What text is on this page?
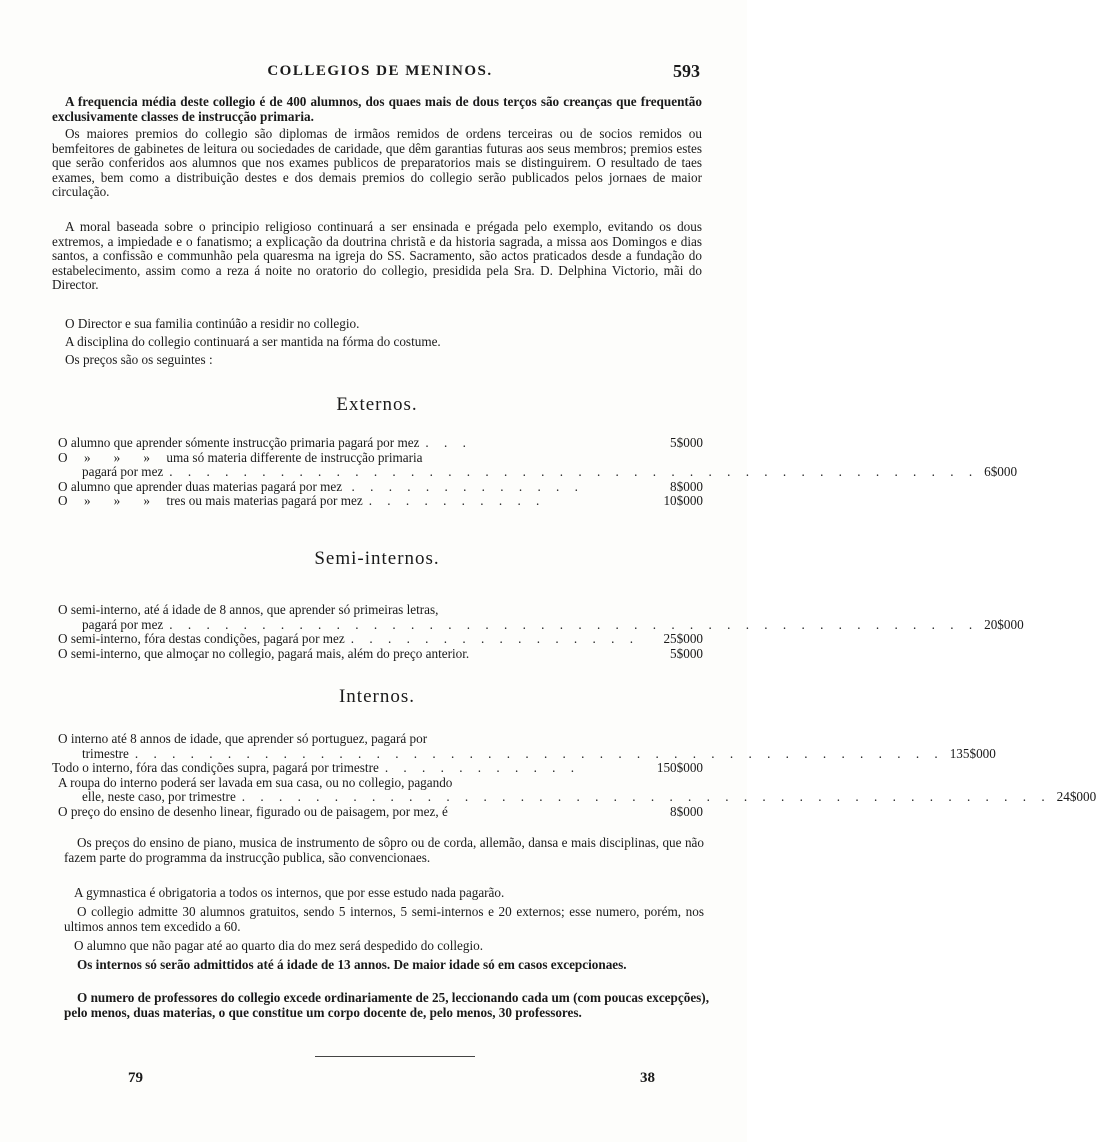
COLLEGIOS DE MENINOS.	593
A frequencia média deste collegio é de 400 alumnos, dos quaes mais de dous terços são creanças que frequentão exclusivamente classes de instrucção primaria.
Os maiores premios do collegio são diplomas de irmãos remidos de ordens terceiras ou de socios remidos ou bemfeitores de gabinetes de leitura ou sociedades de caridade, que dêm garantias futuras aos seus membros; premios estes que serão conferidos aos alumnos que nos exames publicos de preparatorios mais se distinguirem. O resultado de taes exames, bem como a distribuição destes e dos demais premios do collegio serão publicados pelos jornaes de maior circulação.
A moral baseada sobre o principio religioso continuará a ser ensinada e prégada pelo exemplo, evitando os dous extremos, a impiedade e o fanatismo; a explicação da doutrina christã e da historia sagrada, a missa aos Domingos e dias santos, a confissão e communhão pela quaresma na igreja do SS. Sacramento, são actos praticados desde a fundação do estabelecimento, assim como a reza á noite no oratorio do collegio, presidida pela Sra. D. Delphina Victorio, mãi do Director.
O Director e sua familia continúão a residir no collegio.
A disciplina do collegio continuará a ser mantida na fórma do costume.
Os preços são os seguintes :
Externos.
O alumno que aprender sómente instrucção primaria pagará por mez . . .	5$000
O     »       »       »     uma só materia differente de instrucção primaria
pagará por mez . . . . . . . . . . . . . . . . . . . . . . . . . . . . . . . . . . . . . . . . . . . . 6$000
O alumno que aprender duas materias pagará por mez . . . . . . . . . . . . .	8$000
O     »       »       »     tres ou mais materias pagará por mez . . . . . . . . . .	10$000
Semi-internos.
O semi-interno, até á idade de 8 annos, que aprender só primeiras letras,
pagará por mez . . . . . . . . . . . . . . . . . . . . . . . . . . . . . . . . . . . . . . . . . . . . 20$000
O semi-interno, fóra destas condições, pagará por mez . . . . . . . . . . . . . . . .	25$000
O semi-interno, que almoçar no collegio, pagará mais, além do preço anterior.	5$000
Internos.
O interno até 8 annos de idade, que aprender só portuguez, pagará por
trimestre . . . . . . . . . . . . . . . . . . . . . . . . . . . . . . . . . . . . . . . . . . . . 135$000
Todo o interno, fóra das condições supra, pagará por trimestre . . . . . . . . . . .	150$000
A roupa do interno poderá ser lavada em sua casa, ou no collegio, pagando
elle, neste caso, por trimestre . . . . . . . . . . . . . . . . . . . . . . . . . . . . . . . . . . . . . . . . . . . . 24$000
O preço do ensino de desenho linear, figurado ou de paisagem, por mez, é	8$000
Os preços do ensino de piano, musica de instrumento de sôpro ou de corda, allemão, dansa e mais disciplinas, que não fazem parte do programma da instrucção publica, são convencionaes.
A gymnastica é obrigatoria a todos os internos, que por esse estudo nada pagarão.
O collegio admitte 30 alumnos gratuitos, sendo 5 internos, 5 semi-internos e 20 externos; esse numero, porém, nos ultimos annos tem excedido a 60.
O alumno que não pagar até ao quarto dia do mez será despedido do collegio.
Os internos só serão admittidos até á idade de 13 annos. De maior idade só em casos excepcionaes.
O numero de professores do collegio excede ordinariamente de 25, leccionando cada um (com poucas excepções), pelo menos, duas materias, o que constitue um corpo docente de, pelo menos, 30 professores.
79	38
